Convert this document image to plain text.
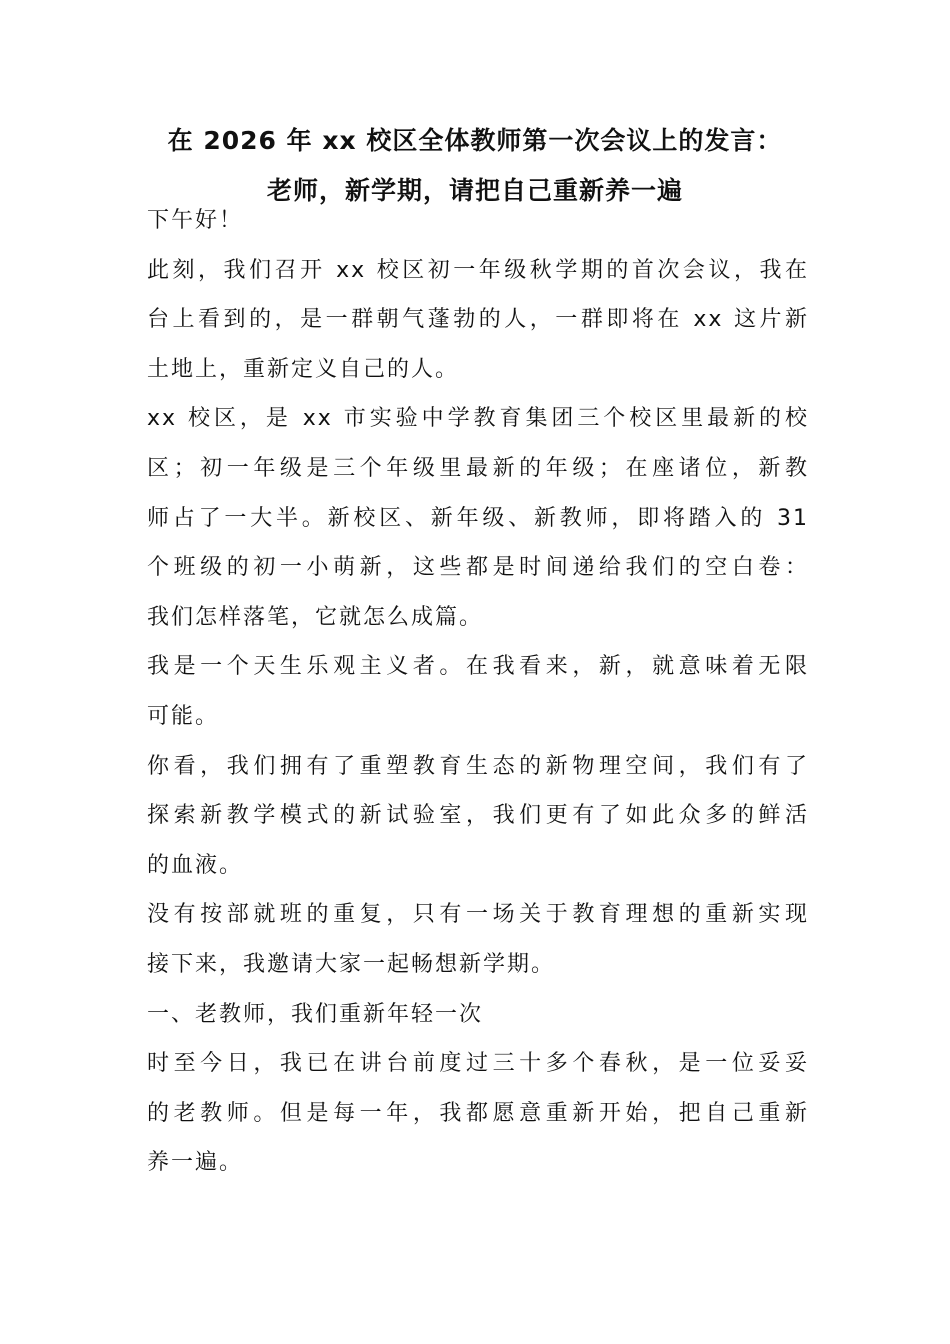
在 2026 年 xx 校区全体教师第一次会议上的发言：
老师，新学期，请把自己重新养一遍
下午好！
此刻，我们召开 xx 校区初一年级秋学期的首次会议，我在
台上看到的，是一群朝气蓬勃的人，一群即将在 xx 这片新
土地上，重新定义自己的人。
xx 校区，是 xx 市实验中学教育集团三个校区里最新的校
区；初一年级是三个年级里最新的年级；在座诸位，新教
师占了一大半。新校区、新年级、新教师，即将踏入的 31
个班级的初一小萌新，这些都是时间递给我们的空白卷：
我们怎样落笔，它就怎么成篇。
我是一个天生乐观主义者。在我看来，新，就意味着无限
可能。
你看，我们拥有了重塑教育生态的新物理空间，我们有了
探索新教学模式的新试验室，我们更有了如此众多的鲜活
的血液。
没有按部就班的重复，只有一场关于教育理想的重新实现
接下来，我邀请大家一起畅想新学期。
一、老教师，我们重新年轻一次
时至今日，我已在讲台前度过三十多个春秋，是一位妥妥
的老教师。但是每一年，我都愿意重新开始，把自己重新
养一遍。
